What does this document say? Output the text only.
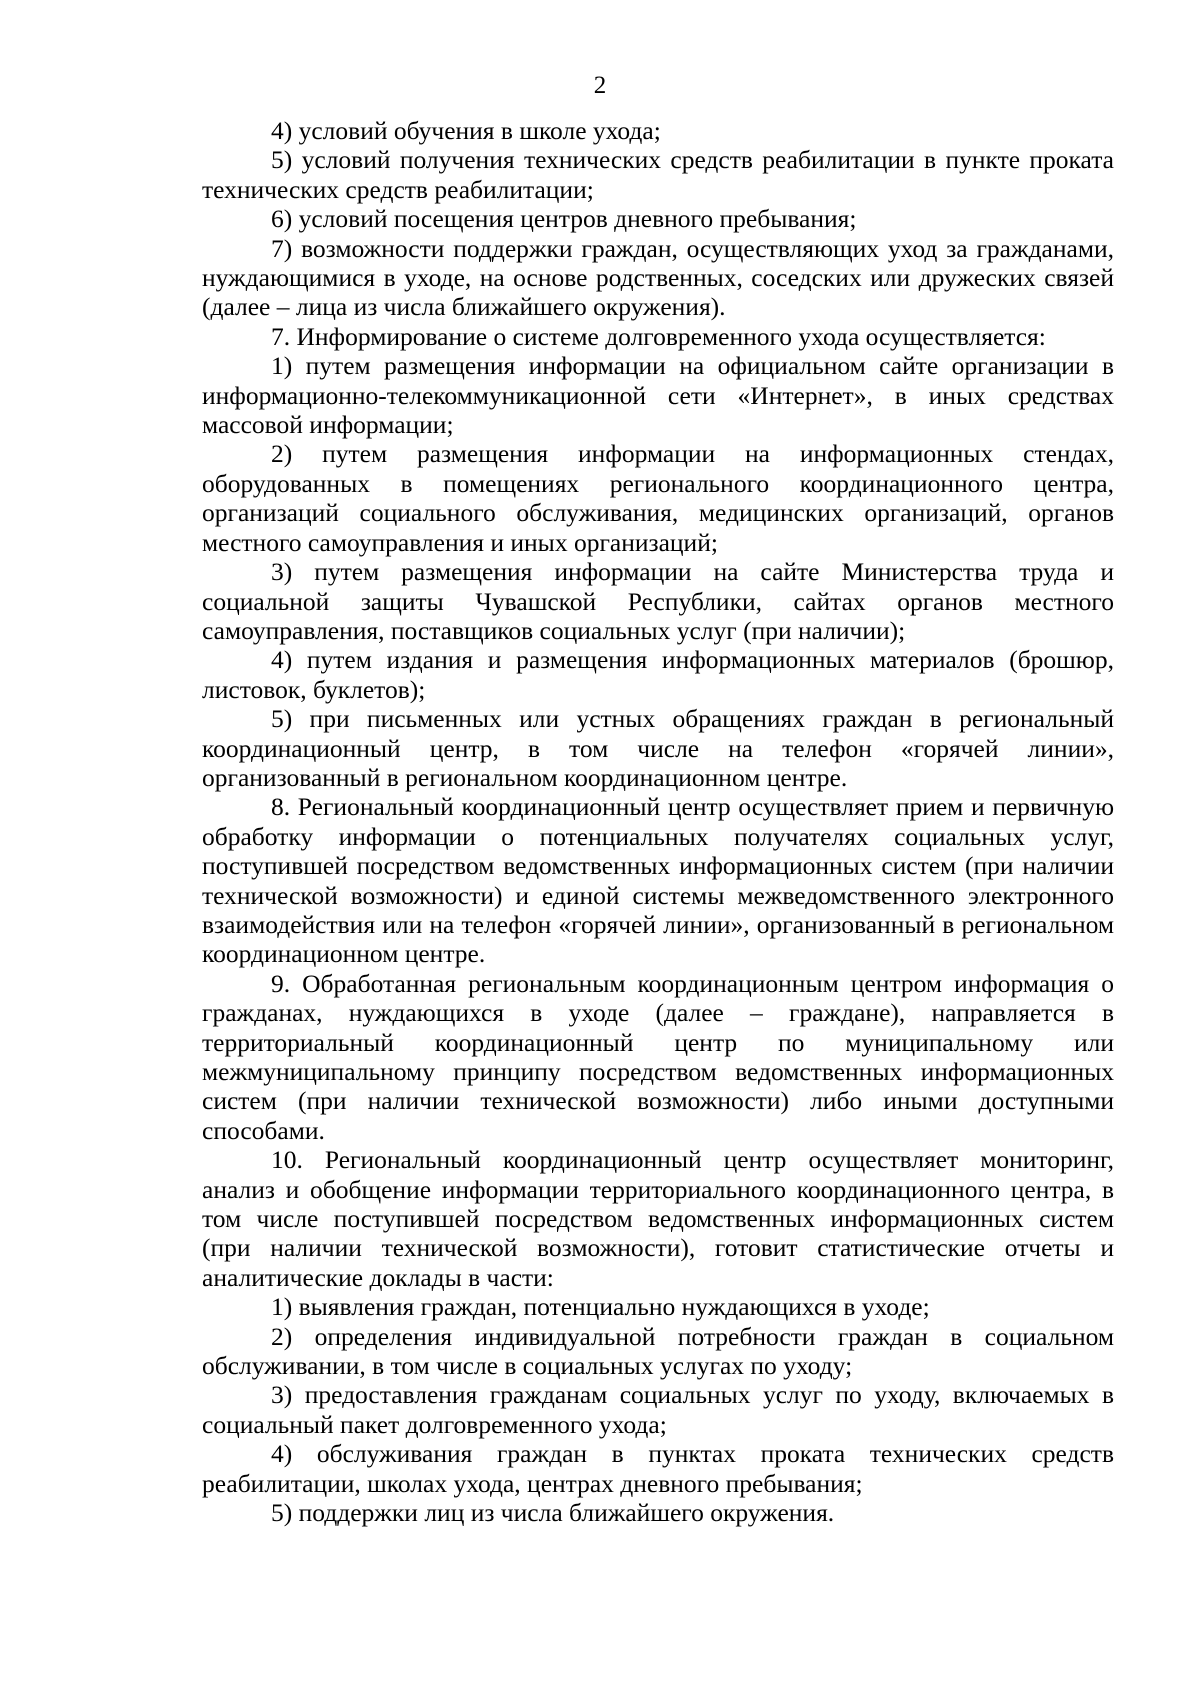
2

4) условий обучения в школе ухода;

5) условий получения технических средств реабилитации в пункте проката технических средств реабилитации;

6) условий посещения центров дневного пребывания;

7) возможности поддержки граждан, осуществляющих уход за гражданами, нуждающимися в уходе, на основе родственных, соседских или дружеских связей (далее – лица из числа ближайшего окружения).

7. Информирование о системе долговременного ухода осуществляется:

1) путем размещения информации на официальном сайте организации в информационно-телекоммуникационной сети «Интернет», в иных средствах массовой информации;

2) путем размещения информации на информационных стендах, оборудованных в помещениях регионального координационного центра, организаций социального обслуживания, медицинских организаций, органов местного самоуправления и иных организаций;

3) путем размещения информации на сайте Министерства труда и социальной защиты Чувашской Республики, сайтах органов местного самоуправления, поставщиков социальных услуг (при наличии);

4) путем издания и размещения информационных материалов (брошюр, листовок, буклетов);

5) при письменных или устных обращениях граждан в региональный координационный центр, в том числе на телефон «горячей линии», организованный в региональном координационном центре.

8. Региональный координационный центр осуществляет прием и первичную обработку информации о потенциальных получателях социальных услуг, поступившей посредством ведомственных информационных систем (при наличии технической возможности) и единой системы межведомственного электронного взаимодействия или на телефон «горячей линии», организованный в региональном координационном центре.

9. Обработанная региональным координационным центром информация о гражданах, нуждающихся в уходе (далее – граждане), направляется в территориальный координационный центр по муниципальному или межмуниципальному принципу посредством ведомственных информационных систем (при наличии технической возможности) либо иными доступными способами.

10. Региональный координационный центр осуществляет мониторинг, анализ и обобщение информации территориального координационного центра, в том числе поступившей посредством ведомственных информационных систем (при наличии технической возможности), готовит статистические отчеты и аналитические доклады в части:

1) выявления граждан, потенциально нуждающихся в уходе;

2) определения индивидуальной потребности граждан в социальном обслуживании, в том числе в социальных услугах по уходу;

3) предоставления гражданам социальных услуг по уходу, включаемых в социальный пакет долговременного ухода;

4) обслуживания граждан в пунктах проката технических средств реабилитации, школах ухода, центрах дневного пребывания;

5) поддержки лиц из числа ближайшего окружения.
